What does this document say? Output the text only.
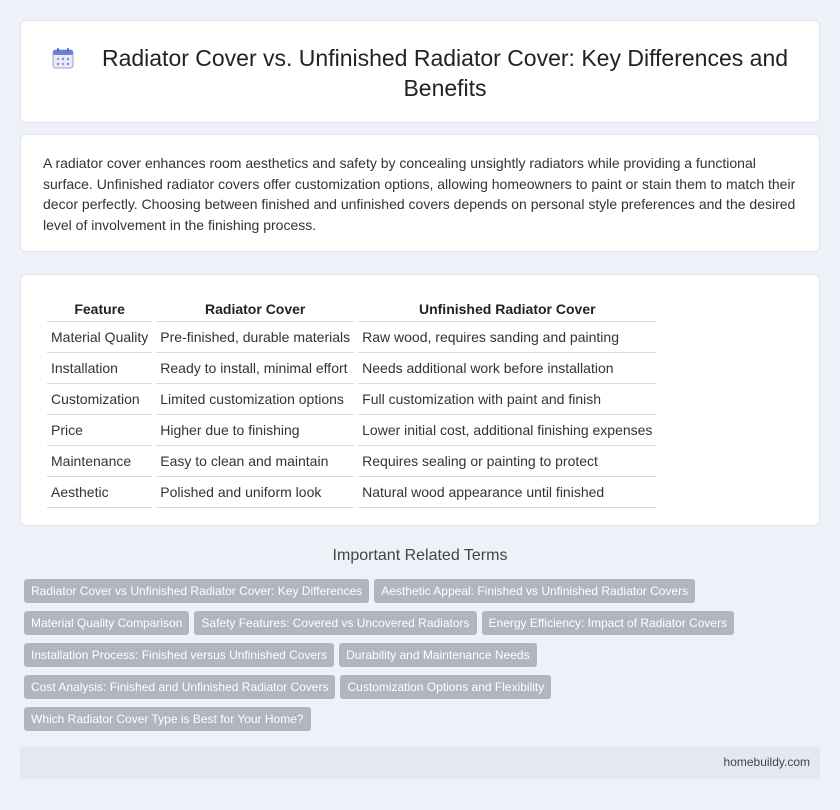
Radiator Cover vs. Unfinished Radiator Cover: Key Differences and Benefits

A radiator cover enhances room aesthetics and safety by concealing unsightly radiators while providing a functional surface. Unfinished radiator covers offer customization options, allowing homeowners to paint or stain them to match their decor perfectly. Choosing between finished and unfinished covers depends on personal style preferences and the desired level of involvement in the finishing process.

Feature	Radiator Cover	Unfinished Radiator Cover
Material Quality	Pre-finished, durable materials	Raw wood, requires sanding and painting
Installation	Ready to install, minimal effort	Needs additional work before installation
Customization	Limited customization options	Full customization with paint and finish
Price	Higher due to finishing	Lower initial cost, additional finishing expenses
Maintenance	Easy to clean and maintain	Requires sealing or painting to protect
Aesthetic	Polished and uniform look	Natural wood appearance until finished
Important Related Terms
Radiator Cover vs Unfinished Radiator Cover: Key Differences Aesthetic Appeal: Finished vs Unfinished Radiator Covers
Material Quality Comparison Safety Features: Covered vs Uncovered Radiators Energy Efficiency: Impact of Radiator Covers
Installation Process: Finished versus Unfinished Covers Durability and Maintenance Needs
Cost Analysis: Finished and Unfinished Radiator Covers Customization Options and Flexibility
Which Radiator Cover Type is Best for Your Home?
homebuildy.com
